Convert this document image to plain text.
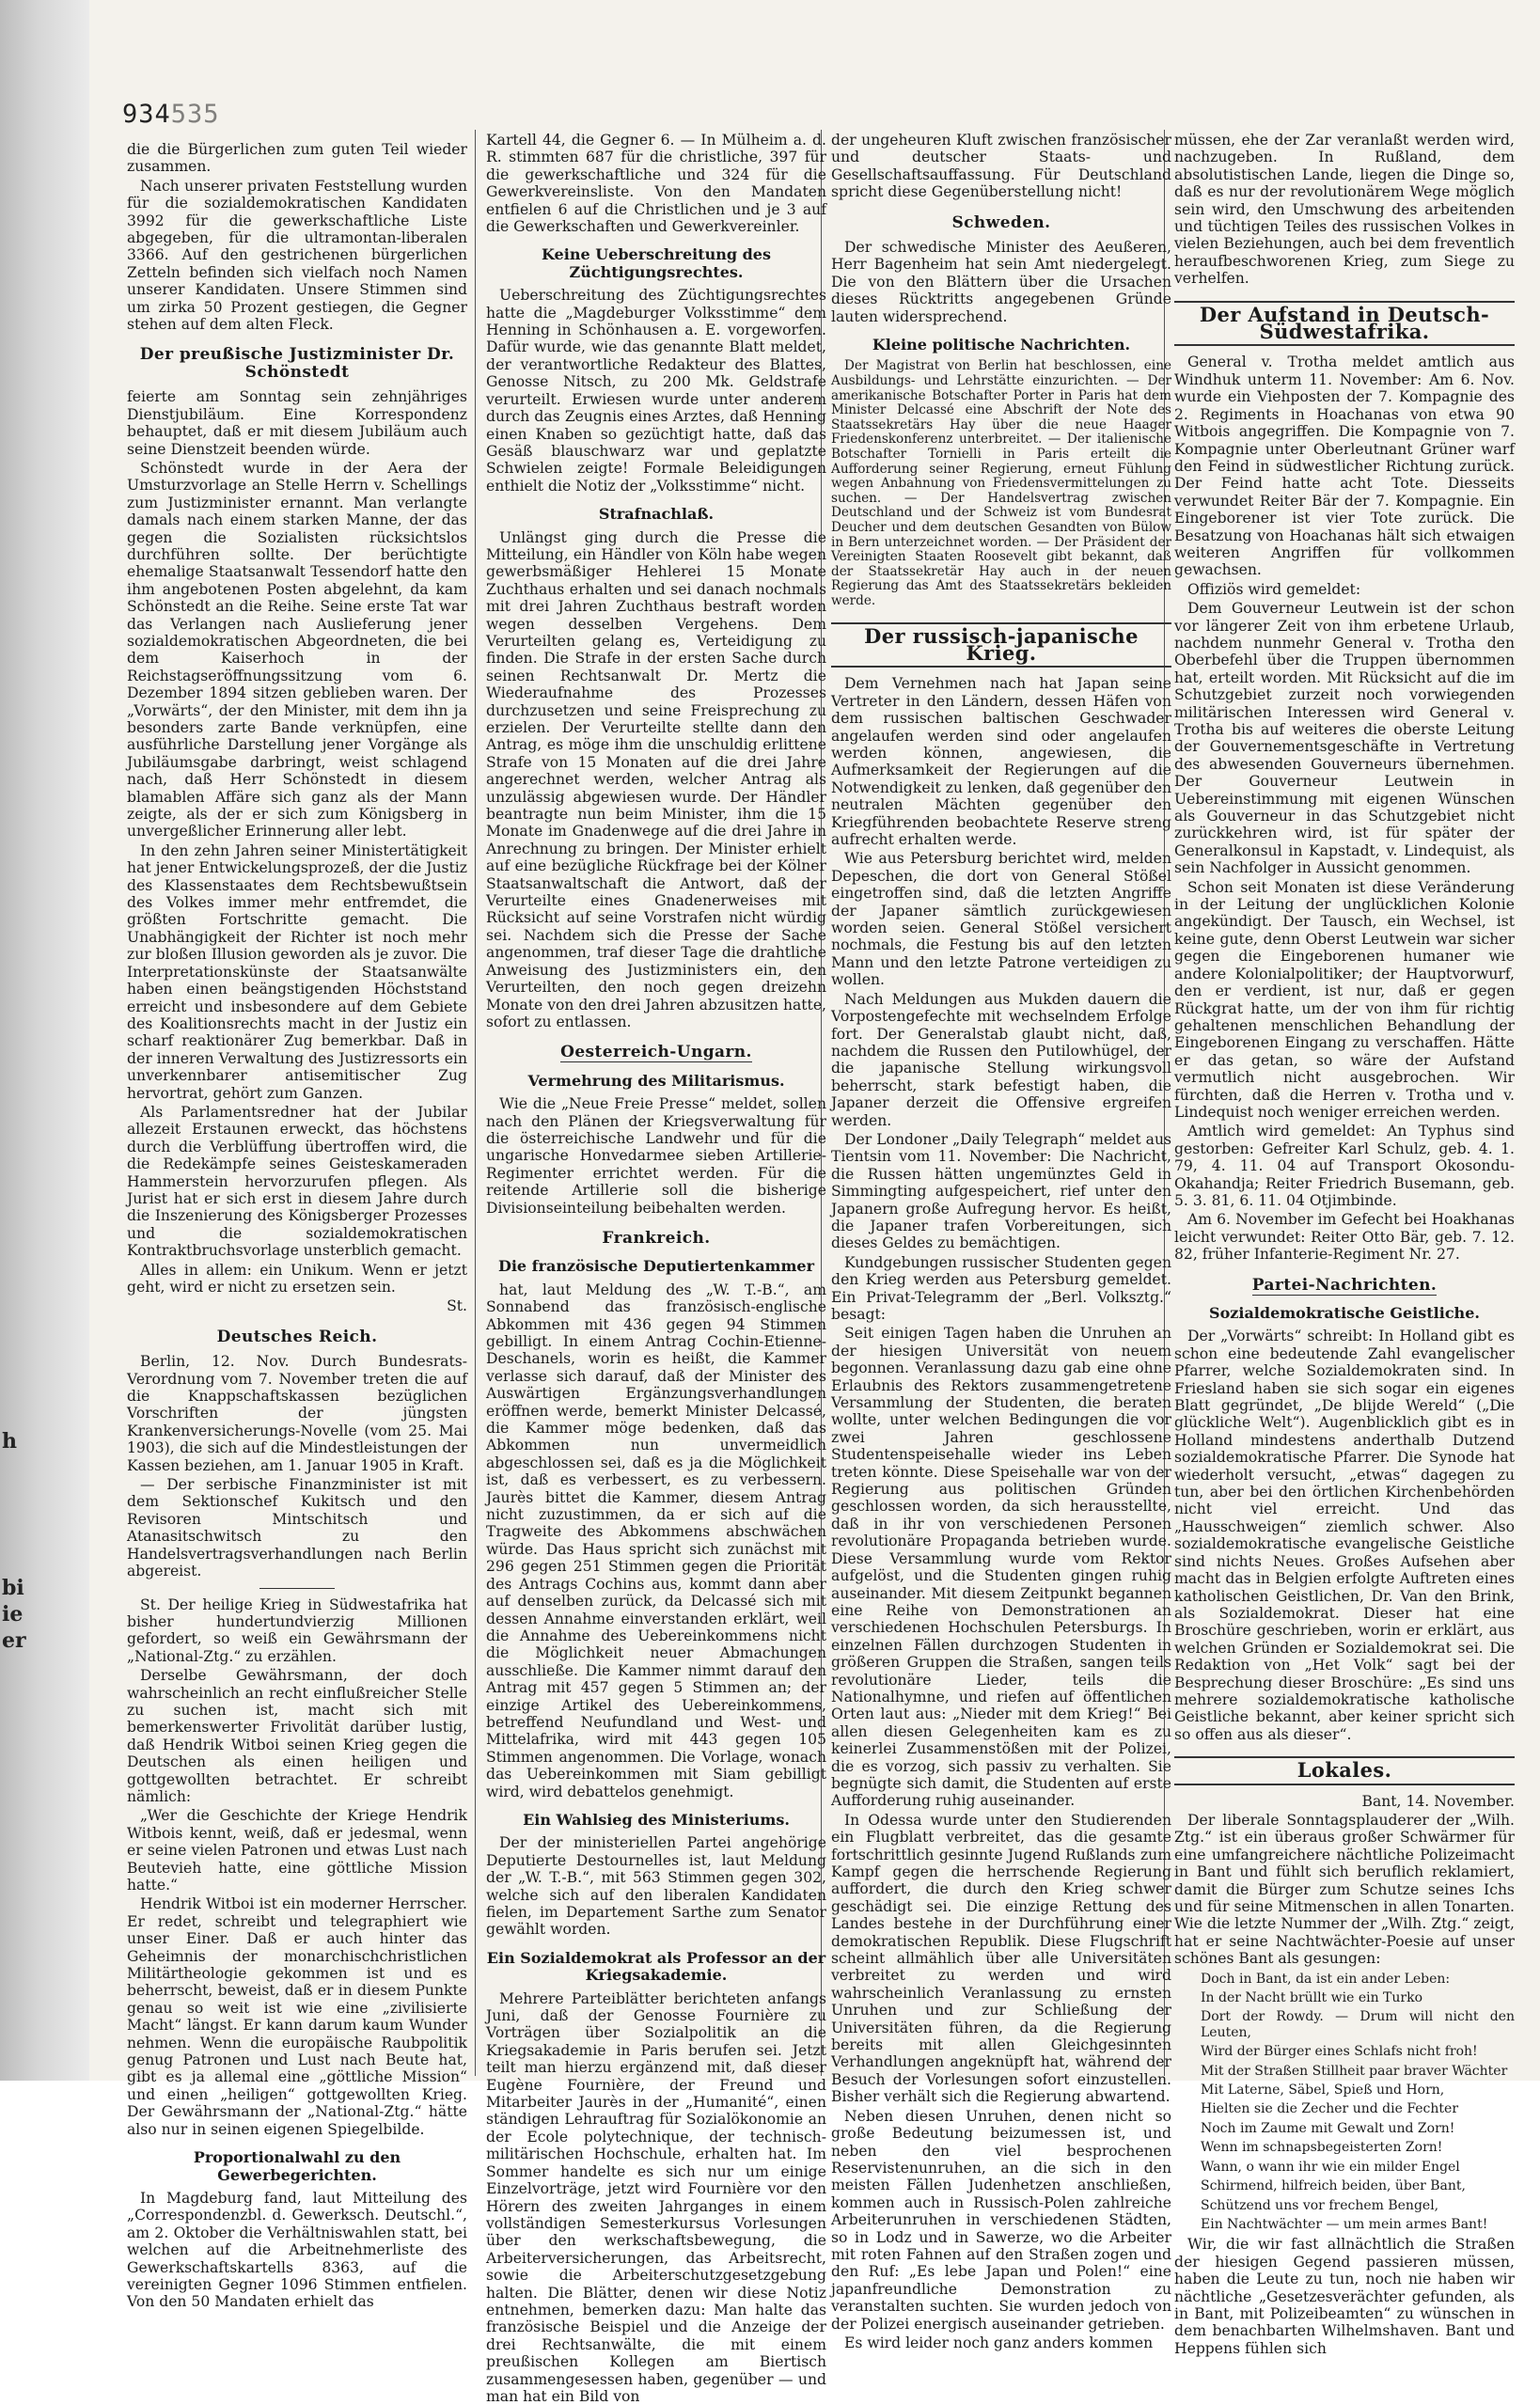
h
bi
ie
er
934535

die die Bürgerlichen zum guten Teil wieder zusammen.

Nach unserer privaten Feststellung wurden für die sozialdemokratischen Kandidaten 3992 für die gewerkschaftliche Liste abgegeben, für die ultramontan-liberalen 3366. Auf den gestrichenen bürgerlichen Zetteln befinden sich vielfach noch Namen unserer Kandidaten. Unsere Stimmen sind um zirka 50 Prozent gestiegen, die Gegner stehen auf dem alten Fleck.

Der preußische Justizminister Dr. Schönstedt

feierte am Sonntag sein zehnjähriges Dienstjubiläum. Eine Korrespondenz behauptet, daß er mit diesem Jubiläum auch seine Dienstzeit beenden würde.

Schönstedt wurde in der Aera der Umsturzvorlage an Stelle Herrn v. Schellings zum Justizminister ernannt. Man verlangte damals nach einem starken Manne, der das gegen die Sozialisten rücksichtslos durchführen sollte. Der berüchtigte ehemalige Staatsanwalt Tessendorf hatte den ihm angebotenen Posten abgelehnt, da kam Schönstedt an die Reihe. Seine erste Tat war das Verlangen nach Auslieferung jener sozialdemokratischen Abgeordneten, die bei dem Kaiserhoch in der Reichstagseröffnungssitzung vom 6. Dezember 1894 sitzen geblieben waren. Der „Vorwärts“, der den Minister, mit dem ihn ja besonders zarte Bande verknüpfen, eine ausführliche Darstellung jener Vorgänge als Jubiläumsgabe darbringt, weist schlagend nach, daß Herr Schönstedt in diesem blamablen Affäre sich ganz als der Mann zeigte, als der er sich zum Königsberg in unvergeßlicher Erinnerung aller lebt.

In den zehn Jahren seiner Ministertätigkeit hat jener Entwickelungsprozeß, der die Justiz des Klassenstaates dem Rechtsbewußtsein des Volkes immer mehr entfremdet, die größten Fortschritte gemacht. Die Unabhängigkeit der Richter ist noch mehr zur bloßen Illusion geworden als je zuvor. Die Interpretationskünste der Staatsanwälte haben einen beängstigenden Höchststand erreicht und insbesondere auf dem Gebiete des Koalitionsrechts macht in der Justiz ein scharf reaktionärer Zug bemerkbar. Daß in der inneren Verwaltung des Justizressorts ein unverkennbarer antisemitischer Zug hervortrat, gehört zum Ganzen.

Als Parlamentsredner hat der Jubilar allezeit Erstaunen erweckt, das höchstens durch die Verblüffung übertroffen wird, die die Redekämpfe seines Geisteskameraden Hammerstein hervorzurufen pflegen. Als Jurist hat er sich erst in diesem Jahre durch die Inszenierung des Königsberger Prozesses und die sozialdemokratischen Kontraktbruchsvorlage unsterblich gemacht.

Alles in allem: ein Unikum. Wenn er jetzt geht, wird er nicht zu ersetzen sein.

St.

Deutsches Reich.

Berlin, 12. Nov. Durch Bundesrats-Verordnung vom 7. November treten die auf die Knappschaftskassen bezüglichen Vorschriften der jüngsten Krankenversicherungs-Novelle (vom 25. Mai 1903), die sich auf die Mindestleistungen der Kassen beziehen, am 1. Januar 1905 in Kraft.

— Der serbische Finanzminister ist mit dem Sektionschef Kukitsch und den Revisoren Mintschitsch und Atanasitschwitsch zu den Handelsvertragsverhandlungen nach Berlin abgereist.

St. Der heilige Krieg in Südwestafrika hat bisher hundertundvierzig Millionen gefordert, so weiß ein Gewährsmann der „National-Ztg.“ zu erzählen.

Derselbe Gewährsmann, der doch wahrscheinlich an recht einflußreicher Stelle zu suchen ist, macht sich mit bemerkenswerter Frivolität darüber lustig, daß Hendrik Witboi seinen Krieg gegen die Deutschen als einen heiligen und gottgewollten betrachtet. Er schreibt nämlich:

„Wer die Geschichte der Kriege Hendrik Witbois kennt, weiß, daß er jedesmal, wenn er seine vielen Patronen und etwas Lust nach Beutevieh hatte, eine göttliche Mission hatte.“

Hendrik Witboi ist ein moderner Herrscher. Er redet, schreibt und telegraphiert wie unser Einer. Daß er auch hinter das Geheimnis der monarchischchristlichen Militärtheologie gekommen ist und es beherrscht, beweist, daß er in diesem Punkte genau so weit ist wie eine „zivilisierte Macht“ längst. Er kann darum kaum Wunder nehmen. Wenn die europäische Raubpolitik genug Patronen und Lust nach Beute hat, gibt es ja allemal eine „göttliche Mission“ und einen „heiligen“ gottgewollten Krieg. Der Gewährsmann der „National-Ztg.“ hätte also nur in seinen eigenen Spiegelbilde.

Proportionalwahl zu den Gewerbegerichten.

In Magdeburg fand, laut Mitteilung des „Correspondenzbl. d. Gewerksch. Deutschl.“, am 2. Oktober die Verhältniswahlen statt, bei welchen auf die Arbeitnehmerliste des Gewerkschaftskartells 8363, auf die vereinigten Gegner 1096 Stimmen entfielen. Von den 50 Mandaten erhielt das

Kartell 44, die Gegner 6. — In Mülheim a. d. R. stimmten 687 für die christliche, 397 für die gewerkschaftliche und 324 für die Gewerkvereinsliste. Von den Mandaten entfielen 6 auf die Christlichen und je 3 auf die Gewerkschaften und Gewerkvereinler.

Keine Ueberschreitung des Züchtigungsrechtes.

Ueberschreitung des Züchtigungsrechtes hatte die „Magdeburger Volksstimme“ dem Henning in Schönhausen a. E. vorgeworfen. Dafür wurde, wie das genannte Blatt meldet, der verantwortliche Redakteur des Blattes, Genosse Nitsch, zu 200 Mk. Geldstrafe verurteilt. Erwiesen wurde unter anderem durch das Zeugnis eines Arztes, daß Henning einen Knaben so gezüchtigt hatte, daß das Gesäß blauschwarz war und geplatzte Schwielen zeigte! Formale Beleidigungen enthielt die Notiz der „Volksstimme“ nicht.

Strafnachlaß.

Unlängst ging durch die Presse die Mitteilung, ein Händler von Köln habe wegen gewerbsmäßiger Hehlerei 15 Monate Zuchthaus erhalten und sei danach nochmals mit drei Jahren Zuchthaus bestraft worden wegen desselben Vergehens. Dem Verurteilten gelang es, Verteidigung zu finden. Die Strafe in der ersten Sache durch seinen Rechtsanwalt Dr. Mertz die Wiederaufnahme des Prozesses durchzusetzen und seine Freisprechung zu erzielen. Der Verurteilte stellte dann den Antrag, es möge ihm die unschuldig erlittene Strafe von 15 Monaten auf die drei Jahre angerechnet werden, welcher Antrag als unzulässig abgewiesen wurde. Der Händler beantragte nun beim Minister, ihm die 15 Monate im Gnadenwege auf die drei Jahre in Anrechnung zu bringen. Der Minister erhielt auf eine bezügliche Rückfrage bei der Kölner Staatsanwaltschaft die Antwort, daß der Verurteilte eines Gnadenerweises mit Rücksicht auf seine Vorstrafen nicht würdig sei. Nachdem sich die Presse der Sache angenommen, traf dieser Tage die drahtliche Anweisung des Justizministers ein, den Verurteilten, den noch gegen dreizehn Monate von den drei Jahren abzusitzen hatte, sofort zu entlassen.

Oesterreich-Ungarn.
Vermehrung des Militarismus.

Wie die „Neue Freie Presse“ meldet, sollen nach den Plänen der Kriegsverwaltung für die österreichische Landwehr und für die ungarische Honvedarmee sieben Artillerie-Regimenter errichtet werden. Für die reitende Artillerie soll die bisherige Divisionseinteilung beibehalten werden.

Frankreich.
Die französische Deputiertenkammer

hat, laut Meldung des „W. T.-B.“, am Sonnabend das französisch-englische Abkommen mit 436 gegen 94 Stimmen gebilligt. In einem Antrag Cochin-Etienne-Deschanels, worin es heißt, die Kammer verlasse sich darauf, daß der Minister des Auswärtigen Ergänzungsverhandlungen eröffnen werde, bemerkt Minister Delcassé, die Kammer möge bedenken, daß das Abkommen nun unvermeidlich abgeschlossen sei, daß es ja die Möglichkeit ist, daß es verbessert, es zu verbessern. Jaurès bittet die Kammer, diesem Antrag nicht zuzustimmen, da er sich auf die Tragweite des Abkommens abschwächen würde. Das Haus spricht sich zunächst mit 296 gegen 251 Stimmen gegen die Priorität des Antrags Cochins aus, kommt dann aber auf denselben zurück, da Delcassé sich mit dessen Annahme einverstanden erklärt, weil die Annahme des Uebereinkommens nicht die Möglichkeit neuer Abmachungen ausschließe. Die Kammer nimmt darauf den Antrag mit 457 gegen 5 Stimmen an; der einzige Artikel des Uebereinkommens, betreffend Neufundland und West- und Mittelafrika, wird mit 443 gegen 105 Stimmen angenommen. Die Vorlage, wonach das Uebereinkommen mit Siam gebilligt wird, wird debattelos genehmigt.

Ein Wahlsieg des Ministeriums.

Der der ministeriellen Partei angehörige Deputierte Destournelles ist, laut Meldung der „W. T.-B.“, mit 563 Stimmen gegen 302, welche sich auf den liberalen Kandidaten fielen, im Departement Sarthe zum Senator gewählt worden.

Ein Sozialdemokrat als Professor an der Kriegsakademie.

Mehrere Parteiblätter berichteten anfangs Juni, daß der Genosse Fournière zu Vorträgen über Sozialpolitik an die Kriegsakademie in Paris berufen sei. Jetzt teilt man hierzu ergänzend mit, daß dieser Eugène Fournière, der Freund und Mitarbeiter Jaurès in der „Humanité“, einen ständigen Lehrauftrag für Sozialökonomie an der Ecole polytechnique, der technisch-militärischen Hochschule, erhalten hat. Im Sommer handelte es sich nur um einige Einzelvorträge, jetzt wird Fournière vor den Hörern des zweiten Jahrganges in einem vollständigen Semesterkursus Vorlesungen über den werkschaftsbewegung, die Arbeiterversicherungen, das Arbeitsrecht, sowie die Arbeiterschutzgesetzgebung halten. Die Blätter, denen wir diese Notiz entnehmen, bemerken dazu: Man halte das französische Beispiel und die Anzeige der drei Rechtsanwälte, die mit einem preußischen Kollegen am Biertisch zusammengesessen haben, gegenüber — und man hat ein Bild von

der ungeheuren Kluft zwischen französischer und deutscher Staats- und Gesellschaftsauffassung. Für Deutschland spricht diese Gegenüberstellung nicht!

Schweden.

Der schwedische Minister des Aeußeren, Herr Bagenheim hat sein Amt niedergelegt. Die von den Blättern über die Ursachen dieses Rücktritts angegebenen Gründe lauten widersprechend.

Kleine politische Nachrichten.

Der Magistrat von Berlin hat beschlossen, eine Ausbildungs- und Lehrstätte einzurichten. — Der amerikanische Botschafter Porter in Paris hat dem Minister Delcassé eine Abschrift der Note des Staatssekretärs Hay über die neue Haager Friedenskonferenz unterbreitet. — Der italienische Botschafter Tornielli in Paris erteilt die Aufforderung seiner Regierung, erneut Fühlung wegen Anbahnung von Friedensvermittelungen zu suchen. — Der Handelsvertrag zwischen Deutschland und der Schweiz ist vom Bundesrat Deucher und dem deutschen Gesandten von Bülow in Bern unterzeichnet worden. — Der Präsident der Vereinigten Staaten Roosevelt gibt bekannt, daß der Staatssekretär Hay auch in der neuen Regierung das Amt des Staatssekretärs bekleiden werde.

Der russisch-japanische Krieg.

Dem Vernehmen nach hat Japan seine Vertreter in den Ländern, dessen Häfen von dem russischen baltischen Geschwader angelaufen werden sind oder angelaufen werden können, angewiesen, die Aufmerksamkeit der Regierungen auf die Notwendigkeit zu lenken, daß gegenüber den neutralen Mächten gegenüber den Kriegführenden beobachtete Reserve streng aufrecht erhalten werde.

Wie aus Petersburg berichtet wird, melden Depeschen, die dort von General Stößel eingetroffen sind, daß die letzten Angriffe der Japaner sämtlich zurückgewiesen worden seien. General Stößel versichert nochmals, die Festung bis auf den letzten Mann und den letzte Patrone verteidigen zu wollen.

Nach Meldungen aus Mukden dauern die Vorpostengefechte mit wechselndem Erfolge fort. Der Generalstab glaubt nicht, daß, nachdem die Russen den Putilowhügel, der die japanische Stellung wirkungsvoll beherrscht, stark befestigt haben, die Japaner derzeit die Offensive ergreifen werden.

Der Londoner „Daily Telegraph“ meldet aus Tientsin vom 11. November: Die Nachricht, die Russen hätten ungemünztes Geld in Simmingting aufgespeichert, rief unter den Japanern große Aufregung hervor. Es heißt, die Japaner trafen Vorbereitungen, sich dieses Geldes zu bemächtigen.

Kundgebungen russischer Studenten gegen den Krieg werden aus Petersburg gemeldet. Ein Privat-Telegramm der „Berl. Volksztg.“ besagt:

Seit einigen Tagen haben die Unruhen an der hiesigen Universität von neuem begonnen. Veranlassung dazu gab eine ohne Erlaubnis des Rektors zusammengetretene Versammlung der Studenten, die beraten wollte, unter welchen Bedingungen die vor zwei Jahren geschlossene Studentenspeisehalle wieder ins Leben treten könnte. Diese Speisehalle war von der Regierung aus politischen Gründen geschlossen worden, da sich herausstellte, daß in ihr von verschiedenen Personen revolutionäre Propaganda betrieben wurde. Diese Versammlung wurde vom Rektor aufgelöst, und die Studenten gingen ruhig auseinander. Mit diesem Zeitpunkt begannen eine Reihe von Demonstrationen an verschiedenen Hochschulen Petersburgs. In einzelnen Fällen durchzogen Studenten in größeren Gruppen die Straßen, sangen teils revolutionäre Lieder, teils die Nationalhymne, und riefen auf öffentlichen Orten laut aus: „Nieder mit dem Krieg!“ Bei allen diesen Gelegenheiten kam es zu keinerlei Zusammenstößen mit der Polizei, die es vorzog, sich passiv zu verhalten. Sie begnügte sich damit, die Studenten auf erste Aufforderung ruhig auseinander.

In Odessa wurde unter den Studierenden ein Flugblatt verbreitet, das die gesamte fortschrittlich gesinnte Jugend Rußlands zum Kampf gegen die herrschende Regierung auffordert, die durch den Krieg schwer geschädigt sei. Die einzige Rettung des Landes bestehe in der Durchführung einer demokratischen Republik. Diese Flugschrift scheint allmählich über alle Universitäten verbreitet zu werden und wird wahrscheinlich Veranlassung zu ernsten Unruhen und zur Schließung der Universitäten führen, da die Regierung bereits mit allen Gleichgesinnten Verhandlungen angeknüpft hat, während der Besuch der Vorlesungen sofort einzustellen. Bisher verhält sich die Regierung abwartend.

Neben diesen Unruhen, denen nicht so große Bedeutung beizumessen ist, und neben den viel besprochenen Reservistenunruhen, an die sich in den meisten Fällen Judenhetzen anschließen, kommen auch in Russisch-Polen zahlreiche Arbeiterunruhen in verschiedenen Städten, so in Lodz und in Sawerze, wo die Arbeiter mit roten Fahnen auf den Straßen zogen und den Ruf: „Es lebe Japan und Polen!“ eine japanfreundliche Demonstration zu veranstalten suchten. Sie wurden jedoch von der Polizei energisch auseinander getrieben.

Es wird leider noch ganz anders kommen

müssen, ehe der Zar veranlaßt werden wird, nachzugeben. In Rußland, dem absolutistischen Lande, liegen die Dinge so, daß es nur der revolutionärem Wege möglich sein wird, den Umschwung des arbeitenden und tüchtigen Teiles des russischen Volkes in vielen Beziehungen, auch bei dem freventlich heraufbeschworenen Krieg, zum Siege zu verhelfen.

Der Aufstand in Deutsch-Südwestafrika.

General v. Trotha meldet amtlich aus Windhuk unterm 11. November: Am 6. Nov. wurde ein Viehposten der 7. Kompagnie des 2. Regiments in Hoachanas von etwa 90 Witbois angegriffen. Die Kompagnie von 7. Kompagnie unter Oberleutnant Grüner warf den Feind in südwestlicher Richtung zurück. Der Feind hatte acht Tote. Diesseits verwundet Reiter Bär der 7. Kompagnie. Ein Eingeborener ist vier Tote zurück. Die Besatzung von Hoachanas hält sich etwaigen weiteren Angriffen für vollkommen gewachsen.

Offiziös wird gemeldet:

Dem Gouverneur Leutwein ist der schon vor längerer Zeit von ihm erbetene Urlaub, nachdem nunmehr General v. Trotha den Oberbefehl über die Truppen übernommen hat, erteilt worden. Mit Rücksicht auf die im Schutzgebiet zurzeit noch vorwiegenden militärischen Interessen wird General v. Trotha bis auf weiteres die oberste Leitung der Gouvernementsgeschäfte in Vertretung des abwesenden Gouverneurs übernehmen. Der Gouverneur Leutwein in Uebereinstimmung mit eigenen Wünschen als Gouverneur in das Schutzgebiet nicht zurückkehren wird, ist für später der Generalkonsul in Kapstadt, v. Lindequist, als sein Nachfolger in Aussicht genommen.

Schon seit Monaten ist diese Veränderung in der Leitung der unglücklichen Kolonie angekündigt. Der Tausch, ein Wechsel, ist keine gute, denn Oberst Leutwein war sicher gegen die Eingeborenen humaner wie andere Kolonialpolitiker; der Hauptvorwurf, den er verdient, ist nur, daß er gegen Rückgrat hatte, um der von ihm für richtig gehaltenen menschlichen Behandlung der Eingeborenen Eingang zu verschaffen. Hätte er das getan, so wäre der Aufstand vermutlich nicht ausgebrochen. Wir fürchten, daß die Herren v. Trotha und v. Lindequist noch weniger erreichen werden.

Amtlich wird gemeldet: An Typhus sind gestorben: Gefreiter Karl Schulz, geb. 4. 1. 79, 4. 11. 04 auf Transport Okosondu-Okahandja; Reiter Friedrich Busemann, geb. 5. 3. 81, 6. 11. 04 Otjimbinde.

Am 6. November im Gefecht bei Hoakhanas leicht verwundet: Reiter Otto Bär, geb. 7. 12. 82, früher Infanterie-Regiment Nr. 27.

Partei-Nachrichten.
Sozialdemokratische Geistliche.

Der „Vorwärts“ schreibt: In Holland gibt es schon eine bedeutende Zahl evangelischer Pfarrer, welche Sozialdemokraten sind. In Friesland haben sie sich sogar ein eigenes Blatt gegründet, „De blijde Wereld“ („Die glückliche Welt“). Augenblicklich gibt es in Holland mindestens anderthalb Dutzend sozialdemokratische Pfarrer. Die Synode hat wiederholt versucht, „etwas“ dagegen zu tun, aber bei den örtlichen Kirchenbehörden nicht viel erreicht. Und das „Hausschweigen“ ziemlich schwer. Also sozialdemokratische evangelische Geistliche sind nichts Neues. Großes Aufsehen aber macht das in Belgien erfolgte Auftreten eines katholischen Geistlichen, Dr. Van den Brink, als Sozialdemokrat. Dieser hat eine Broschüre geschrieben, worin er erklärt, aus welchen Gründen er Sozialdemokrat sei. Die Redaktion von „Het Volk“ sagt bei der Besprechung dieser Broschüre: „Es sind uns mehrere sozialdemokratische katholische Geistliche bekannt, aber keiner spricht sich so offen aus als dieser“.

Lokales.

Bant, 14. November.

Der liberale Sonntagsplauderer der „Wilh. Ztg.“ ist ein überaus großer Schwärmer für eine umfangreichere nächtliche Polizeimacht in Bant und fühlt sich beruflich reklamiert, damit die Bürger zum Schutze seines Ichs und für seine Mitmenschen in allen Tonarten. Wie die letzte Nummer der „Wilh. Ztg.“ zeigt, hat er seine Nachtwächter-Poesie auf unser schönes Bant als gesungen:

Doch in Bant, da ist ein ander Leben:

In der Nacht brüllt wie ein Turko

Dort der Rowdy. — Drum will nicht den Leuten,

Wird der Bürger eines Schlafs nicht froh!

Mit der Straßen Stillheit paar braver Wächter

Mit Laterne, Säbel, Spieß und Horn,

Hielten sie die Zecher und die Fechter

Noch im Zaume mit Gewalt und Zorn!

Wenn im schnapsbegeisterten Zorn!

Wann, o wann ihr wie ein milder Engel

Schirmend, hilfreich beiden, über Bant,

Schützend uns vor frechem Bengel,

Ein Nachtwächter — um mein armes Bant!

Wir, die wir fast allnächtlich die Straßen der hiesigen Gegend passieren müssen, haben die Leute zu tun, noch nie haben wir nächtliche „Gesetzesverächter gefunden, als in Bant, mit Polizeibeamten“ zu wünschen in dem benachbarten Wilhelmshaven. Bant und Heppens fühlen sich
